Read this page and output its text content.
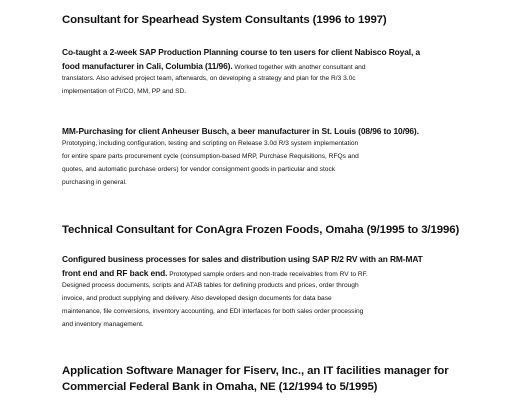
Consultant for Spearhead System Consultants (1996 to 1997)
Co-taught a 2-week SAP Production Planning course to ten users for client Nabisco Royal, a
food manufacturer in Cali, Columbia (11/96). Worked together with another consultant and
translators. Also advised project team, afterwards, on developing a strategy and plan for the R/3 3.0c
implementation of FI/CO, MM, PP and SD.
MM-Purchasing for client Anheuser Busch, a beer manufacturer in St. Louis (08/96 to 10/96).
Prototyping, including configuration, testing and scripting on Release 3.0d R/3 system implementation
for entire spare parts procurement cycle (consumption-based MRP, Purchase Requisitions, RFQs and
quotes, and automatic purchase orders) for vendor consignment goods in particular and stock
purchasing in general.
Technical Consultant for ConAgra Frozen Foods, Omaha (9/1995 to 3/1996)
Configured business processes for sales and distribution using SAP R/2 RV with an RM-MAT
front end and RF back end. Prototyped sample orders and non-trade receivables from RV to RF.
Designed process documents, scripts and ATAB tables for defining products and prices, order through
invoice, and product supplying and delivery. Also developed design documents for data base
maintenance, file conversions, inventory accounting, and EDI interfaces for both sales order processing
and inventory management.
Application Software Manager for Fiserv, Inc., an IT facilities manager for
Commercial Federal Bank in Omaha, NE (12/1994 to 5/1995)
